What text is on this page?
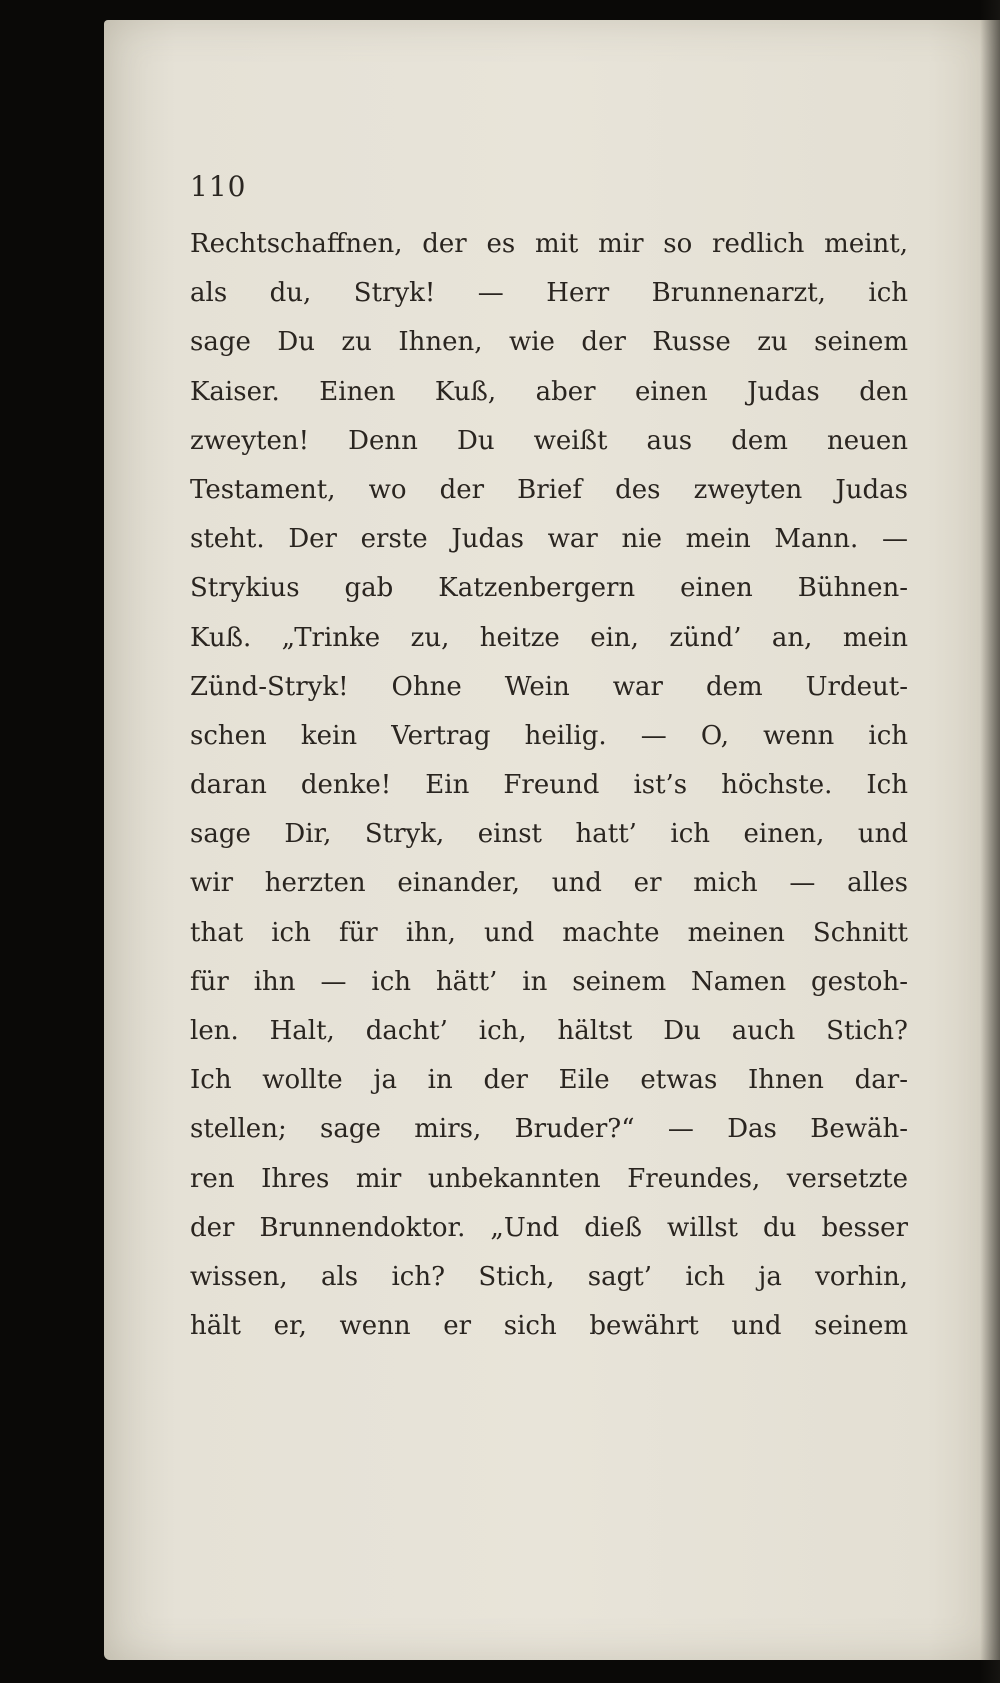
110
Rechtschaffnen, der es mit mir so redlich meint,
als du, Stryk! — Herr Brunnenarzt, ich
sage Du zu Ihnen, wie der Russe zu seinem
Kaiser. Einen Kuß, aber einen Judas den
zweyten! Denn Du weißt aus dem neuen
Testament, wo der Brief des zweyten Judas
steht. Der erste Judas war nie mein Mann. —
Strykius gab Katzenbergern einen Bühnen-
Kuß. „Trinke zu, heitze ein, zünd’ an, mein
Zünd-Stryk! Ohne Wein war dem Urdeut-
schen kein Vertrag heilig. — O, wenn ich
daran denke! Ein Freund ist’s höchste. Ich
sage Dir, Stryk, einst hatt’ ich einen, und
wir herzten einander, und er mich — alles
that ich für ihn, und machte meinen Schnitt
für ihn — ich hätt’ in seinem Namen gestoh-
len. Halt, dacht’ ich, hältst Du auch Stich?
Ich wollte ja in der Eile etwas Ihnen dar-
stellen; sage mirs, Bruder?“ — Das Bewäh-
ren Ihres mir unbekannten Freundes, versetzte
der Brunnendoktor. „Und dieß willst du besser
wissen, als ich? Stich, sagt’ ich ja vorhin,
hält er, wenn er sich bewährt und seinem
